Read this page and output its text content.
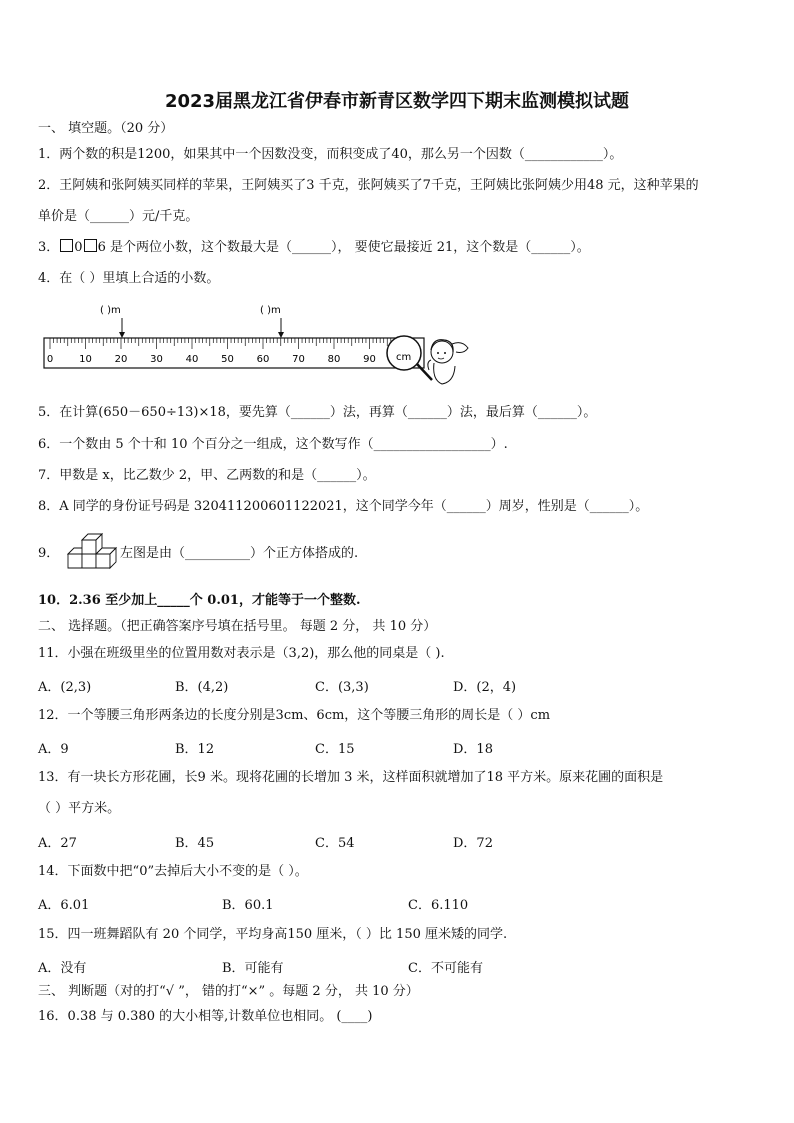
2023届黑龙江省伊春市新青区数学四下期末监测模拟试题
一、 填空题。（20 分）
1．两个数的积是1200，如果其中一个因数没变，而积变成了40，那么另一个因数（____________）。
2．王阿姨和张阿姨买同样的苹果，王阿姨买了3 千克，张阿姨买了7千克，王阿姨比张阿姨少用48 元，这种苹果的
单价是（______）元/千克。
3． 0 6 是个两位小数，这个数最大是（______）， 要使它最接近 21，这个数是（______）。
4．在（ ）里填上合适的小数。
( )m	( )m
0	10 20 30 40 50 60 70 80 90 cm
5．在计算(650－650÷13)×18，要先算（______）法，再算（______）法，最后算（______）。
6．一个数由 5 个十和 10 个百分之一组成，这个数写作（__________________）.
7．甲数是 x，比乙数少 2，甲、乙两数的和是（______）。
8．A 同学的身份证号码是 320411200601122021，这个同学今年（______）周岁，性别是（______）。
9．	左图是由（__________）个正方体搭成的.
10．2.36 至少加上_____个 0.01，才能等于一个整数.
二、 选择题。（把正确答案序号填在括号里。 每题 2 分， 共 10 分）
11．小强在班级里坐的位置用数对表示是（3,2)，那么他的同桌是（ ).
A．(2,3)	B．(4,2)	C．(3,3)	D．(2，4)
12．一个等腰三角形两条边的长度分别是3cm、6cm，这个等腰三角形的周长是（ ）cm
A．9	B．12	C．15	D．18
13．有一块长方形花圃，长9 米。现将花圃的长增加 3 米，这样面积就增加了18 平方米。原来花圃的面积是
（ ）平方米。
A．27	B．45	C．54	D．72
14．下面数中把“0”去掉后大小不变的是（ ）。
A．6.01	B．60.1	C．6.110
15．四一班舞蹈队有 20 个同学，平均身高150 厘米，（ ）比 150 厘米矮的同学.
A．没有	B．可能有	C．不可能有
三、 判断题（对的打“√ ”， 错的打“×” 。每题 2 分， 共 10 分）
16．0.38 与 0.380 的大小相等,计数单位也相同。 (____)
